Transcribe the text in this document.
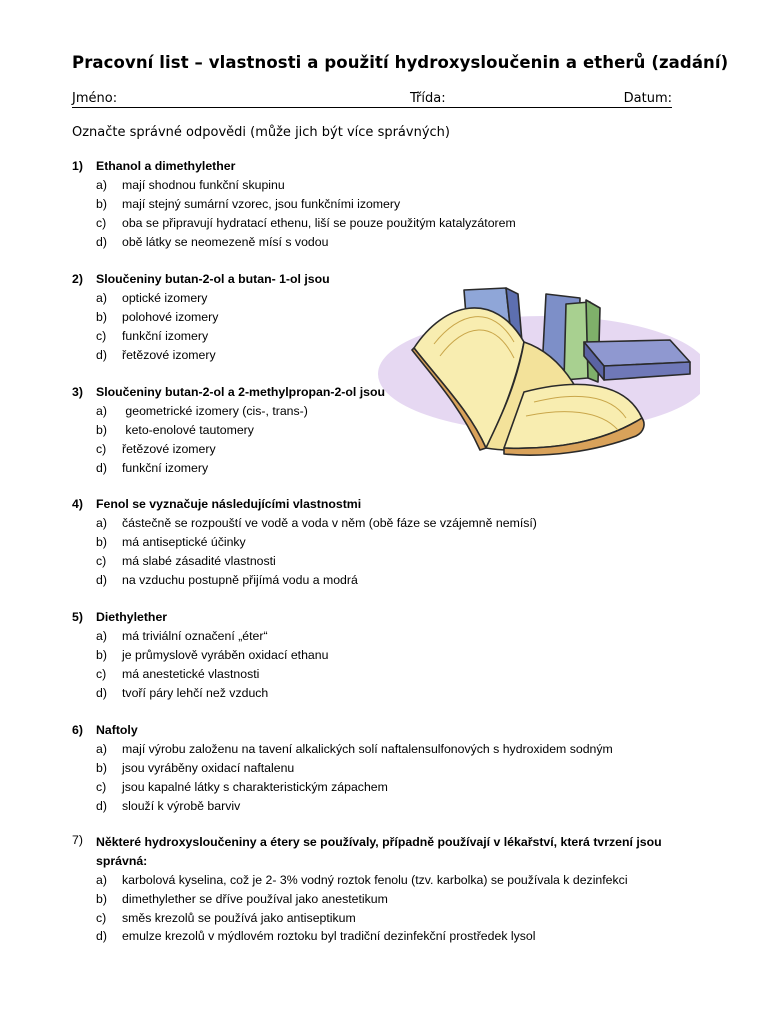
Pracovní list – vlastnosti a použití hydroxysloučenin a etherů (zadání)
Jméno:	Třída:	Datum:
Označte správné odpovědi (může jich být více správných)
1)	Ethanol a dimethylether
a)	mají shodnou funkční skupinu
b)	mají stejný sumární vzorec, jsou funkčními izomery
c)	oba se připravují hydratací ethenu, liší se pouze použitým katalyzátorem
d)	obě látky se neomezeně mísí s vodou
2)	Sloučeniny butan-2-ol a butan- 1-ol jsou
a)	optické izomery
b)	polohové izomery
c)	funkční izomery
d)	řetězové izomery
3)	Sloučeniny butan-2-ol a 2-methylpropan-2-ol jsou
a)	geometrické izomery (cis-, trans-)
b)	keto-enolové tautomery
c)	řetězové izomery
d)	funkční izomery
4)	Fenol se vyznačuje následujícími vlastnostmi
a)	částečně se rozpouští ve vodě a voda v něm (obě fáze se vzájemně nemísí)
b)	má antiseptické účinky
c)	má slabé zásadité vlastnosti
d)	na vzduchu postupně přijímá vodu a modrá
5)	Diethylether
a)	má triviální označení „éter“
b)	je průmyslově vyráběn oxidací ethanu
c)	má anestetické vlastnosti
d)	tvoří páry lehčí než vzduch
6)	Naftoly
a)	mají výrobu založenu na tavení alkalických solí naftalensulfonových s hydroxidem sodným
b)	jsou vyráběny oxidací naftalenu
c)	jsou kapalné látky s charakteristickým zápachem
d)	slouží k výrobě barviv
7)	Některé hydroxysloučeniny a étery se používaly, případně používají v lékařství, která tvrzení jsou správná:
a)	karbolová kyselina, což je 2- 3% vodný roztok fenolu (tzv. karbolka) se používala k dezinfekci
b)	dimethylether se dříve používal jako anestetikum
c)	směs krezolů se používá jako antiseptikum
d)	emulze krezolů v mýdlovém roztoku byl tradiční dezinfekční prostředek lysol
